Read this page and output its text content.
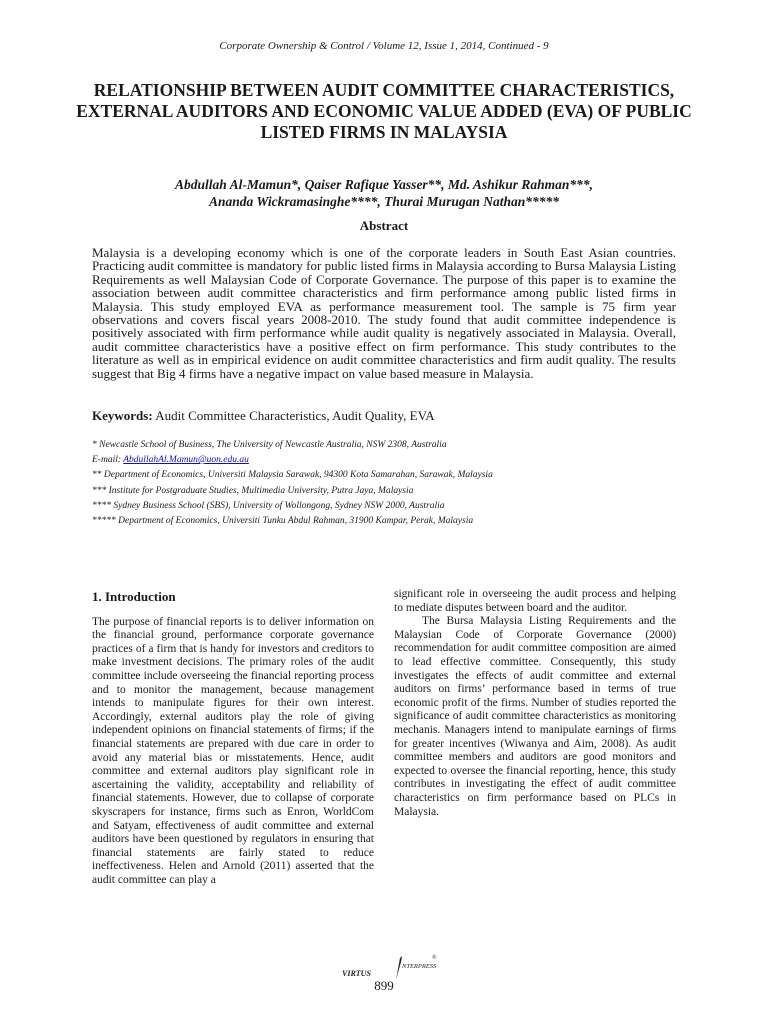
Corporate Ownership & Control / Volume 12, Issue 1, 2014, Continued - 9
RELATIONSHIP BETWEEN AUDIT COMMITTEE CHARACTERISTICS, EXTERNAL AUDITORS AND ECONOMIC VALUE ADDED (EVA) OF PUBLIC LISTED FIRMS IN MALAYSIA
Abdullah Al-Mamun*, Qaiser Rafique Yasser**, Md. Ashikur Rahman***,
Ananda Wickramasinghe****, Thurai Murugan Nathan*****
Abstract

Malaysia is a developing economy which is one of the corporate leaders in South East Asian countries. Practicing audit committee is mandatory for public listed firms in Malaysia according to Bursa Malaysia Listing Requirements as well Malaysian Code of Corporate Governance. The purpose of this paper is to examine the association between audit committee characteristics and firm performance among public listed firms in Malaysia. This study employed EVA as performance measurement tool. The sample is 75 firm year observations and covers fiscal years 2008-2010. The study found that audit committee independence is positively associated with firm performance while audit quality is negatively associated in Malaysia. Overall, audit committee characteristics have a positive effect on firm performance. This study contributes to the literature as well as in empirical evidence on audit committee characteristics and firm audit quality. The results suggest that Big 4 firms have a negative impact on value based measure in Malaysia.

Keywords: Audit Committee Characteristics, Audit Quality, EVA
* Newcastle School of Business, The University of Newcastle Australia, NSW 2308, Australia
E-mail: AbdullahAl.Mamun@uon.edu.au
** Department of Economics, Universiti Malaysia Sarawak, 94300 Kota Samarahan, Sarawak, Malaysia
*** Institute for Postgraduate Studies, Multimedia University, Putra Jaya, Malaysia
**** Sydney Business School (SBS), University of Wollongong, Sydney NSW 2000, Australia
***** Department of Economics, Universiti Tunku Abdul Rahman, 31900 Kampar, Perak, Malaysia
1. Introduction

The purpose of financial reports is to deliver information on the financial ground, performance corporate governance practices of a firm that is handy for investors and creditors to make investment decisions. The primary roles of the audit committee include overseeing the financial reporting process and to monitor the management, because management intends to manipulate figures for their own interest. Accordingly, external auditors play the role of giving independent opinions on financial statements of firms; if the financial statements are prepared with due care in order to avoid any material bias or misstatements. Hence, audit committee and external auditors play significant role in ascertaining the validity, acceptability and reliability of financial statements. However, due to collapse of corporate skyscrapers for instance, firms such as Enron, WorldCom and Satyam, effectiveness of audit committee and external auditors have been questioned by regulators in ensuring that financial statements are fairly stated to reduce ineffectiveness. Helen and Arnold (2011) asserted that the audit committee can play a

significant role in overseeing the audit process and helping to mediate disputes between board and the auditor.

The Bursa Malaysia Listing Requirements and the Malaysian Code of Corporate Governance (2000) recommendation for audit committee composition are aimed to lead effective committee. Consequently, this study investigates the effects of audit committee and external auditors on firms’ performance based in terms of true economic profit of the firms. Number of studies reported the significance of audit committee characteristics as monitoring mechanis. Managers intend to manipulate earnings of firms for greater incentives (Wiwanya and Aim, 2008). As audit committee members and auditors are good monitors and expected to oversee the financial reporting, hence, this study contributes in investigating the effect of audit committee characteristics on firm performance based on PLCs in Malaysia.

VIRTUS
NTERPRESS
®
899
